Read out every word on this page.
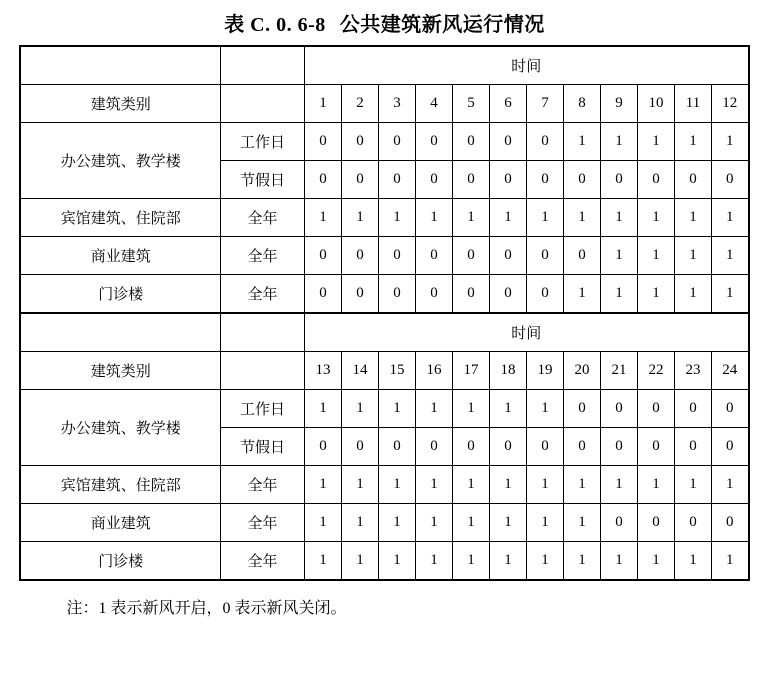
表 C. 0. 6-8 公共建筑新风运行情况
		时间											
建筑类别		1	2	3	4	5	6	7	8	9	10	11	12
办公建筑、教学楼	工作日	0	0	0	0	0	0	0	1	1	1	1	1
	节假日	0	0	0	0	0	0	0	0	0	0	0	0
宾馆建筑、住院部	全年	1	1	1	1	1	1	1	1	1	1	1	1
商业建筑	全年	0	0	0	0	0	0	0	0	1	1	1	1
门诊楼	全年	0	0	0	0	0	0	0	1	1	1	1	1
		时间											
建筑类别		13	14	15	16	17	18	19	20	21	22	23	24
办公建筑、教学楼	工作日	1	1	1	1	1	1	1	0	0	0	0	0
	节假日	0	0	0	0	0	0	0	0	0	0	0	0
宾馆建筑、住院部	全年	1	1	1	1	1	1	1	1	1	1	1	1
商业建筑	全年	1	1	1	1	1	1	1	1	0	0	0	0
门诊楼	全年	1	1	1	1	1	1	1	1	1	1	1	1
注：1 表示新风开启，0 表示新风关闭。
